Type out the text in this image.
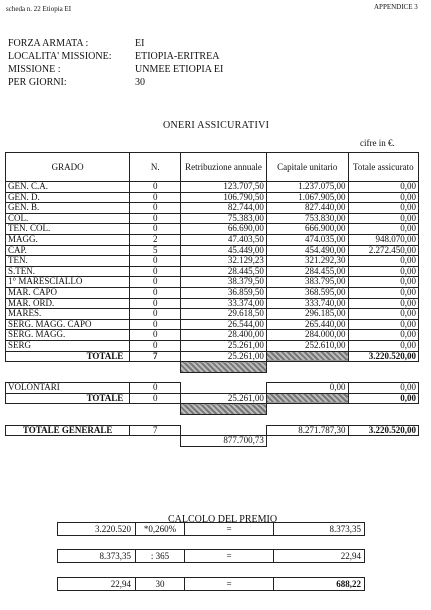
scheda n. 22 Etiopia EI	APPENDICE 3
FORZA ARMATA :	EI
LOCALITA' MISSIONE:	ETIOPIA-ERITREA
MISSIONE :	UNMEE ETIOPIA EI
PER GIORNI:	30
ONERI ASSICURATIVI
cifre in €.
GRADO	N.	Retribuzione annuale	Capitale unitario	Totale assicurato
GEN. C.A.	0	123.707,50	1.237.075,00	0,00
GEN. D.	0	106.790,50	1.067.905,00	0,00
GEN. B.	0	82.744,00	827.440,00	0,00
COL.	0	75.383,00	753.830,00	0,00
TEN. COL.	0	66.690,00	666.900,00	0,00
MAGG.	2	47.403,50	474.035,00	948.070,00
CAP.	5	45.449,00	454.490,00	2.272.450,00
TEN.	0	32.129,23	321.292,30	0,00
S.TEN.	0	28.445,50	284.455,00	0,00
1° MARESCIALLO	0	38.379,50	383.795,00	0,00
MAR. CAPO	0	36.859,50	368.595,00	0,00
MAR. ORD.	0	33.374,00	333.740,00	0,00
MARES.	0	29.618,50	296.185,00	0,00
SERG. MAGG. CAPO	0	26.544,00	265.440,00	0,00
SERG. MAGG.	0	28.400,00	284.000,00	0,00
SERG	0	25.261,00	252.610,00	0,00
TOTALE	7	25.261,00		3.220.520,00

VOLONTARI	0		0,00	0,00
TOTALE	0	25.261,00		0,00

TOTALE GENERALE	7		8.271.787,30	3.220.520,00
		877.700,73		
CALCOLO DEL PREMIO
3.220.520	*0,260%	=	8.373,35
8.373,35	: 365	=	22,94
22,94	30	=	688,22
